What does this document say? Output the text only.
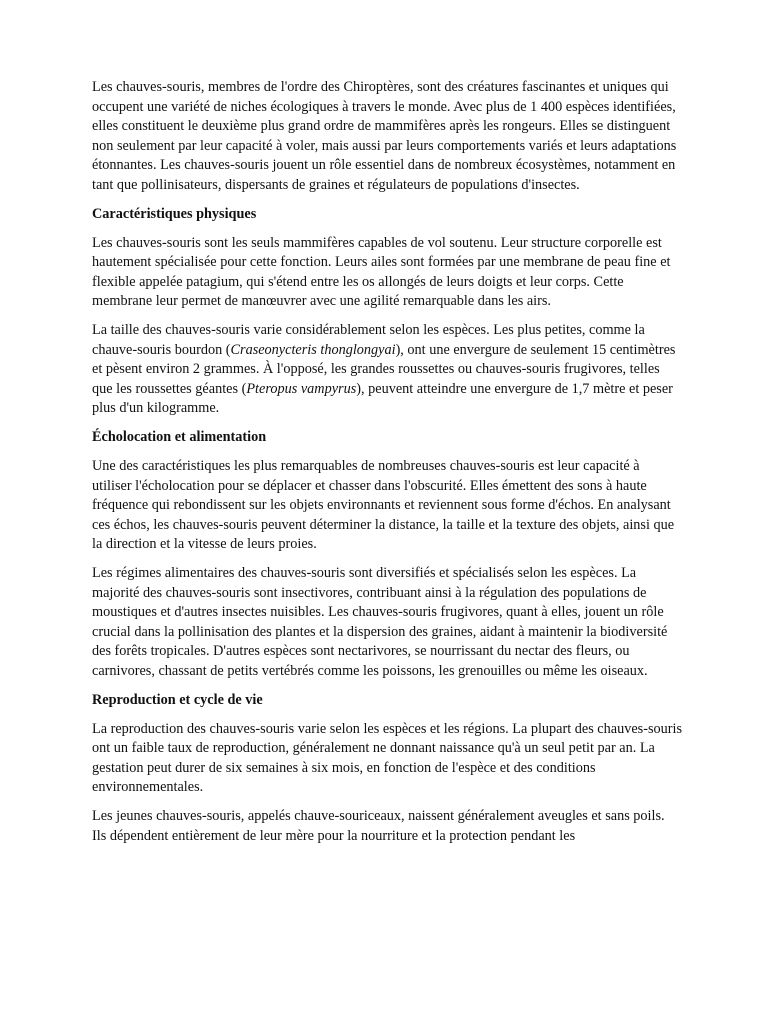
Les chauves-souris, membres de l'ordre des Chiroptères, sont des créatures fascinantes et uniques qui occupent une variété de niches écologiques à travers le monde. Avec plus de 1 400 espèces identifiées, elles constituent le deuxième plus grand ordre de mammifères après les rongeurs. Elles se distinguent non seulement par leur capacité à voler, mais aussi par leurs comportements variés et leurs adaptations étonnantes. Les chauves-souris jouent un rôle essentiel dans de nombreux écosystèmes, notamment en tant que pollinisateurs, dispersants de graines et régulateurs de populations d'insectes.

Caractéristiques physiques

Les chauves-souris sont les seuls mammifères capables de vol soutenu. Leur structure corporelle est hautement spécialisée pour cette fonction. Leurs ailes sont formées par une membrane de peau fine et flexible appelée patagium, qui s'étend entre les os allongés de leurs doigts et leur corps. Cette membrane leur permet de manœuvrer avec une agilité remarquable dans les airs.

La taille des chauves-souris varie considérablement selon les espèces. Les plus petites, comme la chauve-souris bourdon (Craseonycteris thonglongyai), ont une envergure de seulement 15 centimètres et pèsent environ 2 grammes. À l'opposé, les grandes roussettes ou chauves-souris frugivores, telles que les roussettes géantes (Pteropus vampyrus), peuvent atteindre une envergure de 1,7 mètre et peser plus d'un kilogramme.

Écholocation et alimentation

Une des caractéristiques les plus remarquables de nombreuses chauves-souris est leur capacité à utiliser l'écholocation pour se déplacer et chasser dans l'obscurité. Elles émettent des sons à haute fréquence qui rebondissent sur les objets environnants et reviennent sous forme d'échos. En analysant ces échos, les chauves-souris peuvent déterminer la distance, la taille et la texture des objets, ainsi que la direction et la vitesse de leurs proies.

Les régimes alimentaires des chauves-souris sont diversifiés et spécialisés selon les espèces. La majorité des chauves-souris sont insectivores, contribuant ainsi à la régulation des populations de moustiques et d'autres insectes nuisibles. Les chauves-souris frugivores, quant à elles, jouent un rôle crucial dans la pollinisation des plantes et la dispersion des graines, aidant à maintenir la biodiversité des forêts tropicales. D'autres espèces sont nectarivores, se nourrissant du nectar des fleurs, ou carnivores, chassant de petits vertébrés comme les poissons, les grenouilles ou même les oiseaux.

Reproduction et cycle de vie

La reproduction des chauves-souris varie selon les espèces et les régions. La plupart des chauves-souris ont un faible taux de reproduction, généralement ne donnant naissance qu'à un seul petit par an. La gestation peut durer de six semaines à six mois, en fonction de l'espèce et des conditions environnementales.

Les jeunes chauves-souris, appelés chauve-souriceaux, naissent généralement aveugles et sans poils. Ils dépendent entièrement de leur mère pour la nourriture et la protection pendant les
